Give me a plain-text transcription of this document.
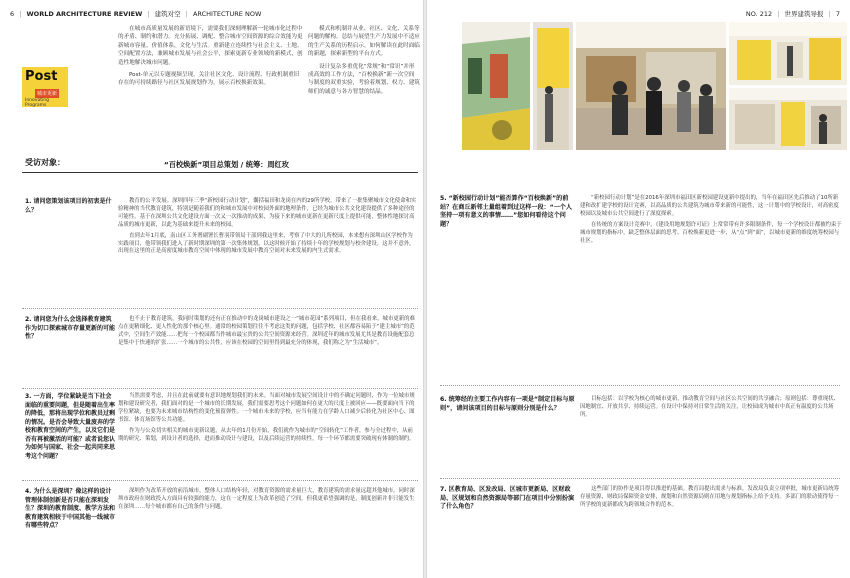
6 | WORLD ARCHITECTURE REVIEW | 建筑对空 | ARCHITECTURE NOW
Post
城市更新
Innovating Programs

在城市高质量发展的新语境下，需要我们深刻理解新一轮城市化过程中的矛盾、制约和潜力。充分拓展、调配、整合城市空间资源的综合效能为更新城市容量、价值体系，文化与生活。重新建立连续性与社会主义、土地、空间配置方法，兼顾城市发展与社会公平，探索更新专业领域的新模式，创造性地解决城市问题。

Post-单元以专题视频呈现，关注社区文化、设计流程、行政机制重旧存在的可持续路径与社区发展规划作为，展示百校换新效果。

模式和机制并从业、社区、文化、关系等问题的解构。总结与展望生产力发展中不适应的生产关系的历程启示，如何解读在此时面临的新题，探索新型的平台方式。

设计复杂多重优化“常规”和“常识”并形成高效的工作方法，“百校换新”新一次空间与制度的双重实验，考验着规划、权力、建筑师们的诚意与各方智慧的结晶。

受访对象：	“百校焕新”项目总策划 / 统筹：周红玫
1. 请问您策划该项目的初衷是什么？

教育的公平发展。深圳四年三季“新校园行动计划”，囊括福田和龙岗在内的29所学校，带来了一批集聚城市文化使命和实验精神的当代教育建筑，特别是随着我们的和城市发展中对校园外面的地理条件，已经为城市公共文化建设提供了多种途径的可能性。基于在深圳公共文化建设方面一次又一次推动的成果，为接下来的城市更新在更新尺度上提供可能，整体性地探讨高品质的城市更新，以此为基础来提升未来的校园。

直到去年1月底，南山区工务署副署长曹羽带领局干部到我这里来，考察了中大的几所校园，本来想有深圳山区学校作为实践项目，他带领我们进入了新时期深圳的第一次集体规划，以这时候开始了持续十年的学校规划与校舍建设。这并不意外，出现在这里的正是高密度城市教育空间中体现的城市发展中教育空间对未来发展的内生式需求。

2. 请问您为什么会选择教育建筑作为切口探索城市存量更新的可能性？

也不止于教育建筑，我同时策划的还有正在推动中的龙岗城市建设之一“城市花园”系列项目，但在我看来，城市更新的难点在更精细化、更人性化的那个核心里。通常的校园策划往往不考虑这类的问题，包括学校、社区都容易陷于“建主城市”的范式中，空间生产效能……把每一个校园都当作城市最宝贵的公共空间资源来经营。深圳近年的城市发展尤其是教育设施配套总是集中于快速的扩张……一个城市的公共性，应该在校园的空间里得到最充分的体现，我们称之为“生活城市”。

3. 一方面，学位紧缺是当下社会面临的重要问题，但是随着出生率的降低，那将出现学位和教员过剩的情况。是否会导致大量废弃的学校和教育空间的产生，以及它们是否有再被激活的可能？或者说您认为如何与国家、社会一起共同来思考这个问题？

当然需要考虑，并且在此前就要有意识地规划我们的未来。当面对城市发展空间设计中的不确定问题时，作为一位城市规划和建设研究者，我们面对的是一个城市的长期发展，我们需要思考这个问题如何在更大的尺度上被回应——既要面向当下的学位紧缺，也要为未来城市结构性的变化预留弹性。一个城市未来的学校，应当有能力在学龄人口减少后转化为社区中心、图书馆、体育场馆等公共功能。

作为与公众切实相关的城市更新议题，从去年的1月份开始，我们就作为城市的“空间转化”工作者，参与全过程中，从前期的研究、策划，到设计者的选择，进而推动设计与建设，以及后续运营的持续性，每一个环节都需要突破现有体制的制约。

4. 为什么是深圳？像这样的设计管理体制创新是否只能在深圳发生？深圳的教育制度、教学方法和教育建筑相较于中国其他一线城市有哪些特点？

深圳作为改革开放的前沿城市，整体人口结构年轻，对教育资源的需求量巨大，教育建筑的需求量远超其他城市。同时深圳市政府在财政投入方面具有较强的能力，这在一定程度上为改革创造了空间。但我更希望强调的是，制度创新并非只能发生在深圳……每个城市都有自己的条件与问题。

NO. 212 | 世界建筑导报 | 7
5. “新校园行动计划”能否算作“百校焕新”的前站？在商丘新邻土量组着到过这样一段：“一个人坚持一项有意义的事情……”您如何看待这个问题？

“新校园行动计划”是在2016年深圳市福田区新校园建设更新中提出的，当年在福田区先后推动了10所新建和改扩建学校的设计竞赛，以高品质的公共建筑为城市带来新的可能性，这一计划中的学校设计，对高密度校园以及城市公共空间进行了深度探索。

在传统的方案设计竞赛中，《建设用地规划许可证》上常常带有许多限制条件，每一个学校设计都被约束于城市规划的指标中，缺乏整体层面的思考。百校焕新更进一步，从“点”到“面”，以城市更新的维度统筹校园与社区。

6. 统筹经的主要工作内容有一项是“制定目标与原则”，请问该项目的目标与原则分别是什么？

目标包括：以学校为核心的城市更新，推动教育空间与社区公共空间的共享融合；原则包括：尊重现状、因地制宜、开放共享、持续运营。在设计中保持对日常生活的关注，让校园成为城市中真正有温度的公共场所。

7. 区教育局、区发改局、区城市更新局、区财政局、区规划和自然资源局等部门在项目中分别扮演了什么角色？

这些部门的协作是项目得以推进的基础。教育局提出需求与标准，发改局负责立项审批，城市更新局统筹存量资源，财政局保障资金安排，规划和自然资源局则在用地与规划指标上给予支持。多部门的联动使得每一所学校的更新都成为跨领域合作的范本。
